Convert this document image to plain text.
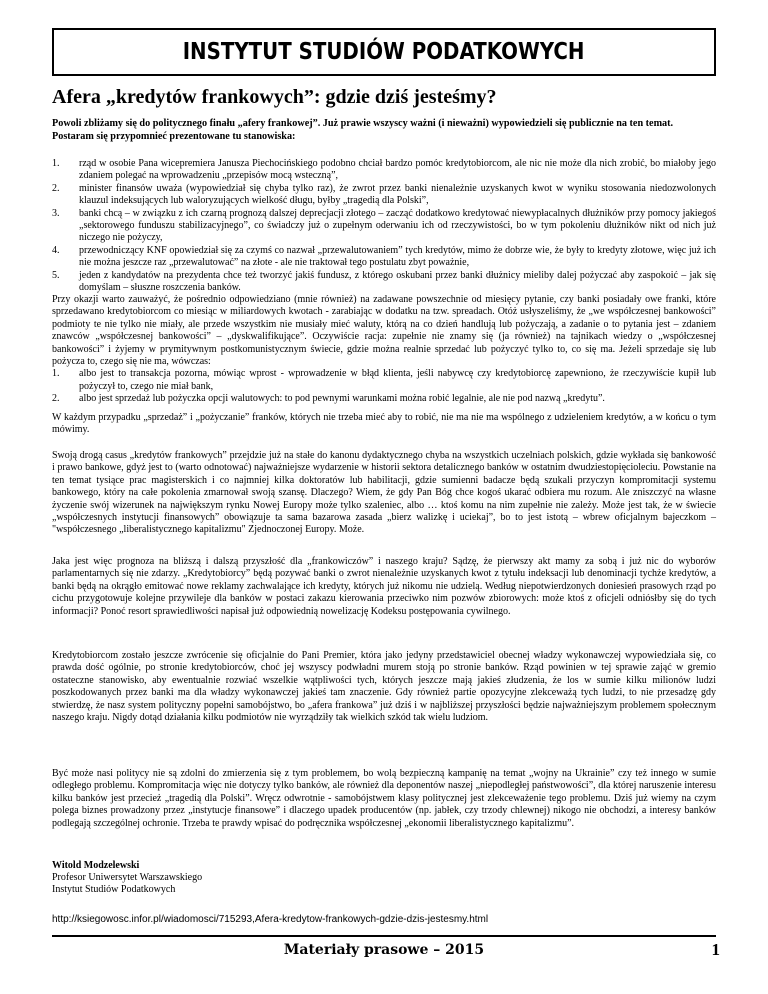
INSTYTUT STUDIÓW PODATKOWYCH
Afera „kredytów frankowych”: gdzie dziś jesteśmy?
Powoli zbliżamy się do politycznego finału „afery frankowej”. Już prawie wszyscy ważni (i nieważni) wypowiedzieli się publicznie na ten temat. Postaram się przypomnieć prezentowane tu stanowiska:
1.	rząd w osobie Pana wicepremiera Janusza Piechocińskiego podobno chciał bardzo pomóc kredytobiorcom, ale nic nie może dla nich zrobić, bo miałoby jego zdaniem polegać na wprowadzeniu „przepisów mocą wsteczną”,
2.	minister finansów uważa (wypowiedział się chyba tylko raz), że zwrot przez banki nienależnie uzyskanych kwot w wyniku stosowania niedozwolonych klauzul indeksujących lub waloryzujących wielkość długu, byłby „tragedią dla Polski”,
3.	banki chcą – w związku z ich czarną prognozą dalszej deprecjacji złotego – zacząć dodatkowo kredytować niewypłacalnych dłużników przy pomocy jakiegoś „sektorowego funduszu stabilizacyjnego”, co świadczy już o zupełnym oderwaniu ich od rzeczywistości, bo w tym pokoleniu dłużników nikt od nich już niczego nie pożyczy,
4.	przewodniczący KNF opowiedział się za czymś co nazwał „przewalutowaniem” tych kredytów, mimo że dobrze wie, że były to kredyty złotowe, więc już ich nie można jeszcze raz „przewalutować” na złote - ale nie traktował tego postulatu zbyt poważnie,
5.	jeden z kandydatów na prezydenta chce też tworzyć jakiś fundusz, z którego oskubani przez banki dłużnicy mieliby dalej pożyczać aby zaspokoić – jak się domyślam – słuszne roszczenia banków.
Przy okazji warto zauważyć, że pośrednio odpowiedziano (mnie również) na zadawane powszechnie od miesięcy pytanie, czy banki posiadały owe franki, które sprzedawano kredytobiorcom co miesiąc w miliardowych kwotach - zarabiając w dodatku na tzw. spreadach. Otóż usłyszeliśmy, że „we współczesnej bankowości” podmioty te nie tylko nie miały, ale przede wszystkim nie musiały mieć waluty, którą na co dzień handlują lub pożyczają, a zadanie o to pytania jest – zdaniem znawców „współczesnej bankowości” – „dyskwalifikujące”. Oczywiście racja: zupełnie nie znamy się (ja również) na tajnikach wiedzy o „współczesnej bankowości” i żyjemy w prymitywnym postkomunistycznym świecie, gdzie można realnie sprzedać lub pożyczyć tylko to, co się ma. Jeżeli sprzedaje się lub pożycza to, czego się nie ma, wówczas:
1.	albo jest to transakcja pozorna, mówiąc wprost - wprowadzenie w błąd klienta, jeśli nabywcę czy kredytobiorcę zapewniono, że rzeczywiście kupił lub pożyczył to, czego nie miał bank,
2.	albo jest sprzedaż lub pożyczka opcji walutowych: to pod pewnymi warunkami można robić legalnie, ale nie pod nazwą „kredytu”.
W każdym przypadku „sprzedaż” i „pożyczanie” franków, których nie trzeba mieć aby to robić, nie ma nie ma wspólnego z udzieleniem kredytów, a w końcu o tym mówimy.
Swoją drogą casus „kredytów frankowych” przejdzie już na stałe do kanonu dydaktycznego chyba na wszystkich uczelniach polskich, gdzie wykłada się bankowość i prawo bankowe, gdyż jest to (warto odnotować) najważniejsze wydarzenie w historii sektora detalicznego banków w ostatnim dwudziestopięcioleciu. Powstanie na ten temat tysiące prac magisterskich i co najmniej kilka doktoratów lub habilitacji, gdzie sumienni badacze będą szukali przyczyn kompromitacji systemu bankowego, który na całe pokolenia zmarnował swoją szansę. Dlaczego? Wiem, że gdy Pan Bóg chce kogoś ukarać odbiera mu rozum. Ale zniszczyć na własne życzenie swój wizerunek na największym rynku Nowej Europy może tylko szaleniec, albo … ktoś komu na nim zupełnie nie zależy. Może jest tak, że w świecie „współczesnych instytucji finansowych” obowiązuje ta sama bazarowa zasada „bierz walizkę i uciekaj”, bo to jest istotą – wbrew oficjalnym bajeczkom – "współczesnego „liberalistycznego kapitalizmu" Zjednoczonej Europy. Może.
Jaka jest więc prognoza na bliższą i dalszą przyszłość dla „frankowiczów” i naszego kraju? Sądzę, że pierwszy akt mamy za sobą i już nic do wyborów parlamentarnych się nie zdarzy. „Kredytobiorcy” będą pozywać banki o zwrot nienależnie uzyskanych kwot z tytułu indeksacji lub denominacji tychże kredytów, a banki będą na okrągło emitować nowe reklamy zachwalające ich kredyty, których już nikomu nie udzielą. Według niepotwierdzonych doniesień prasowych rząd po cichu przygotowuje kolejne przywileje dla banków w postaci zakazu kierowania przeciwko nim pozwów zbiorowych: może ktoś z oficjeli odniósłby się do tych informacji? Ponoć resort sprawiedliwości napisał już odpowiednią nowelizację Kodeksu postępowania cywilnego.
Kredytobiorcom zostało jeszcze zwrócenie się oficjalnie do Pani Premier, która jako jedyny przedstawiciel obecnej władzy wykonawczej wypowiedziała się, co prawda dość ogólnie, po stronie kredytobiorców, choć jej wszyscy podwładni murem stoją po stronie banków. Rząd powinien w tej sprawie zająć w gremio ostateczne stanowisko, aby ewentualnie rozwiać wszelkie wątpliwości tych, których jeszcze mają jakieś złudzenia, że los w sumie kilku milionów ludzi poszkodowanych przez banki ma dla władzy wykonawczej jakieś tam znaczenie. Gdy również partie opozycyjne zlekceważą tych ludzi, to nie przesadzę gdy stwierdzę, że nasz system polityczny popełni samobójstwo, bo „afera frankowa” już dziś i w najbliższej przyszłości będzie najważniejszym problemem społecznym naszego kraju. Nigdy dotąd działania kilku podmiotów nie wyrządziły tak wielkich szkód tak wielu ludziom.
Być może nasi politycy nie są zdolni do zmierzenia się z tym problemem, bo wolą bezpieczną kampanię na temat „wojny na Ukrainie” czy też innego w sumie odległego problemu. Kompromitacja więc nie dotyczy tylko banków, ale również dla deponentów naszej „niepodległej państwowości”, dla której naruszenie interesu kilku banków jest przecież „tragedią dla Polski”. Wręcz odwrotnie - samobójstwem klasy politycznej jest zlekceważenie tego problemu. Dziś już wiemy na czym polega biznes prowadzony przez „instytucje finansowe” i dlaczego upadek producentów (np. jabłek, czy trzody chlewnej) nikogo nie obchodzi, a interesy banków podlegają szczególnej ochronie. Trzeba te prawdy wpisać do podręcznika współczesnej „ekonomii liberalistycznego kapitalizmu”.
Witold Modzelewski
Profesor Uniwersytet Warszawskiego
Instytut Studiów Podatkowych
http://ksiegowosc.infor.pl/wiadomosci/715293,Afera-kredytow-frankowych-gdzie-dzis-jestesmy.html
Materiały prasowe – 2015	1
